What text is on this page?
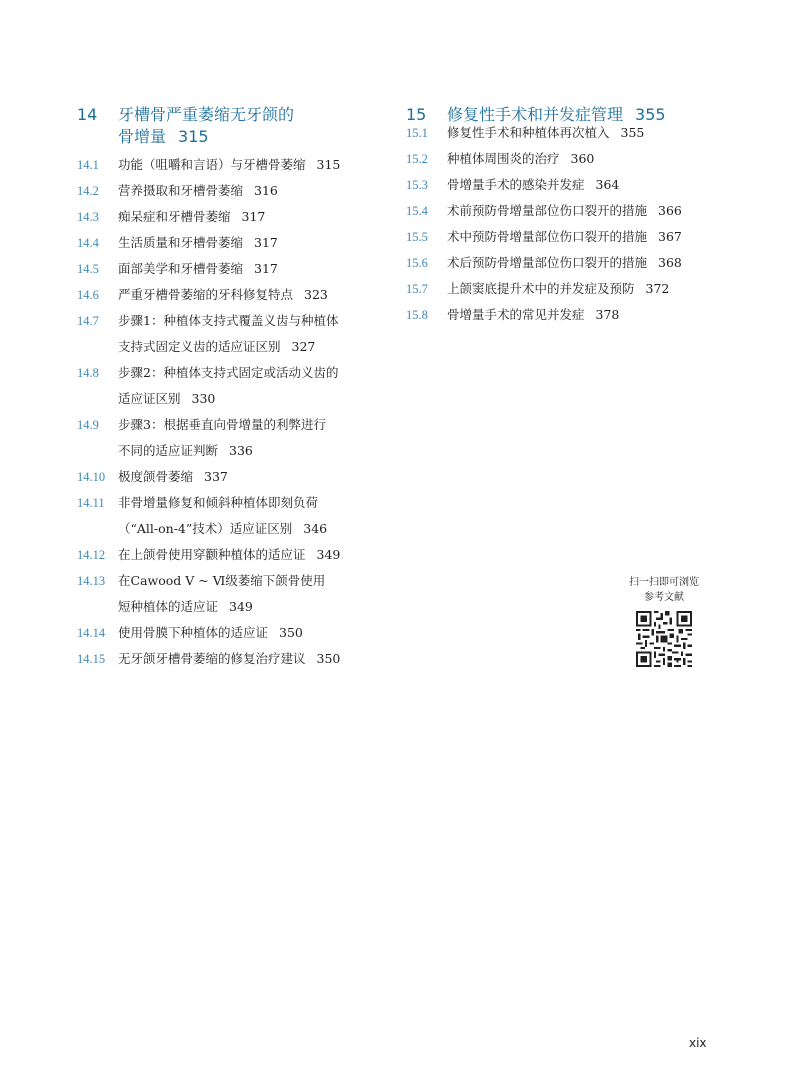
14	牙槽骨严重萎缩无牙颌的
骨增量 315
14.1	功能（咀嚼和言语）与牙槽骨萎缩 315
14.2	营养摄取和牙槽骨萎缩 316
14.3	痴呆症和牙槽骨萎缩 317
14.4	生活质量和牙槽骨萎缩 317
14.5	面部美学和牙槽骨萎缩 317
14.6	严重牙槽骨萎缩的牙科修复特点 323
14.7	步骤1：种植体支持式覆盖义齿与种植体
支持式固定义齿的适应证区别 327
14.8	步骤2：种植体支持式固定或活动义齿的
适应证区别 330
14.9	步骤3：根据垂直向骨增量的利弊进行
不同的适应证判断 336
14.10	极度颌骨萎缩 337
14.11	非骨增量修复和倾斜种植体即刻负荷
（“All-on-4”技术）适应证区别 346
14.12	在上颌骨使用穿颧种植体的适应证 349
14.13	在Cawood Ⅴ ~ Ⅵ级萎缩下颌骨使用
短种植体的适应证 349
14.14	使用骨膜下种植体的适应证 350
14.15	无牙颌牙槽骨萎缩的修复治疗建议 350
15	修复性手术和并发症管理 355
15.1	修复性手术和种植体再次植入 355
15.2	种植体周围炎的治疗 360
15.3	骨增量手术的感染并发症 364
15.4	术前预防骨增量部位伤口裂开的措施 366
15.5	术中预防骨增量部位伤口裂开的措施 367
15.6	术后预防骨增量部位伤口裂开的措施 368
15.7	上颌窦底提升术中的并发症及预防 372
15.8	骨增量手术的常见并发症 378
扫一扫即可浏览
参考文献
xix
